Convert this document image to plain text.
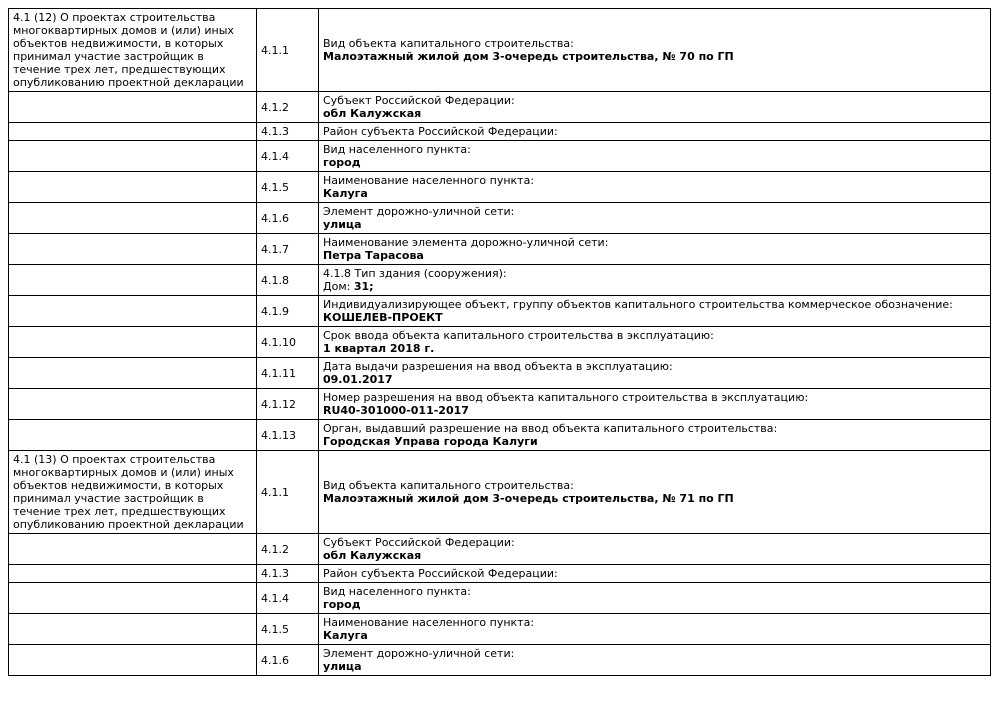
4.1 (12) О проектах строительства многоквартирных домов и (или) иных объектов недвижимости, в которых принимал участие застройщик в течение трех лет, предшествующих опубликованию проектной декларации	4.1.1	Вид объекта капитального строительства:
Малоэтажный жилой дом 3-очередь строительства, № 70 по ГП

	4.1.2	Субъект Российской Федерации:
обл Калужская

	4.1.3	Район субъекта Российской Федерации:

	4.1.4	Вид населенного пункта:
город

	4.1.5	Наименование населенного пункта:
Калуга

	4.1.6	Элемент дорожно-уличной сети:
улица

	4.1.7	Наименование элемента дорожно-уличной сети:
Петра Тарасова

	4.1.8	4.1.8 Тип здания (сооружения):
Дом: 31;

	4.1.9	Индивидуализирующее объект, группу объектов капитального строительства коммерческое обозначение:
КОШЕЛЕВ-ПРОЕКТ

	4.1.10	Срок ввода объекта капитального строительства в эксплуатацию:
1 квартал 2018 г.

	4.1.11	Дата выдачи разрешения на ввод объекта в эксплуатацию:
09.01.2017

	4.1.12	Номер разрешения на ввод объекта капитального строительства в эксплуатацию:
RU40-301000-011-2017

	4.1.13	Орган, выдавший разрешение на ввод объекта капитального строительства:
Городская Управа города Калуги

4.1 (13) О проектах строительства многоквартирных домов и (или) иных объектов недвижимости, в которых принимал участие застройщик в течение трех лет, предшествующих опубликованию проектной декларации	4.1.1	Вид объекта капитального строительства:
Малоэтажный жилой дом 3-очередь строительства, № 71 по ГП

	4.1.2	Субъект Российской Федерации:
обл Калужская

	4.1.3	Район субъекта Российской Федерации:

	4.1.4	Вид населенного пункта:
город

	4.1.5	Наименование населенного пункта:
Калуга

	4.1.6	Элемент дорожно-уличной сети:
улица
